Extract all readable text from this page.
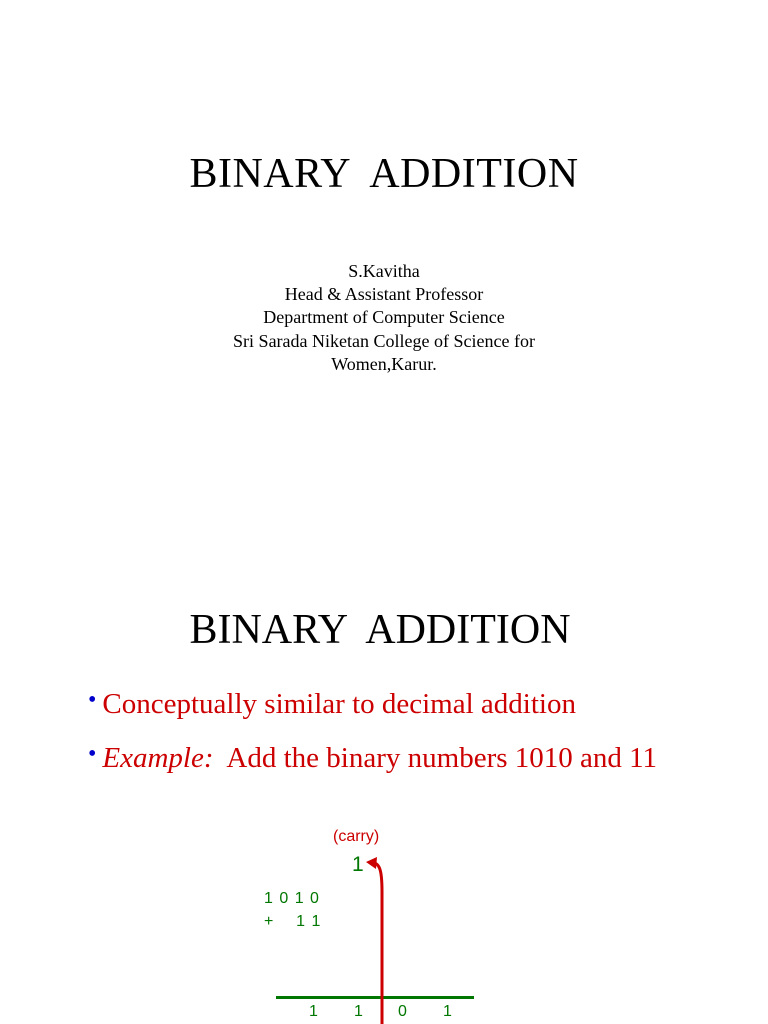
BINARY  ADDITION
S.Kavitha
Head & Assistant Professor
Department of Computer Science
Sri Sarada Niketan College of Science for
Women,Karur.
BINARY  ADDITION
• Conceptually similar to decimal addition
• Example:  Add the binary numbers 1010 and 11
(carry)
1
1 0 1 0
+    1 1
1 1 0 1
